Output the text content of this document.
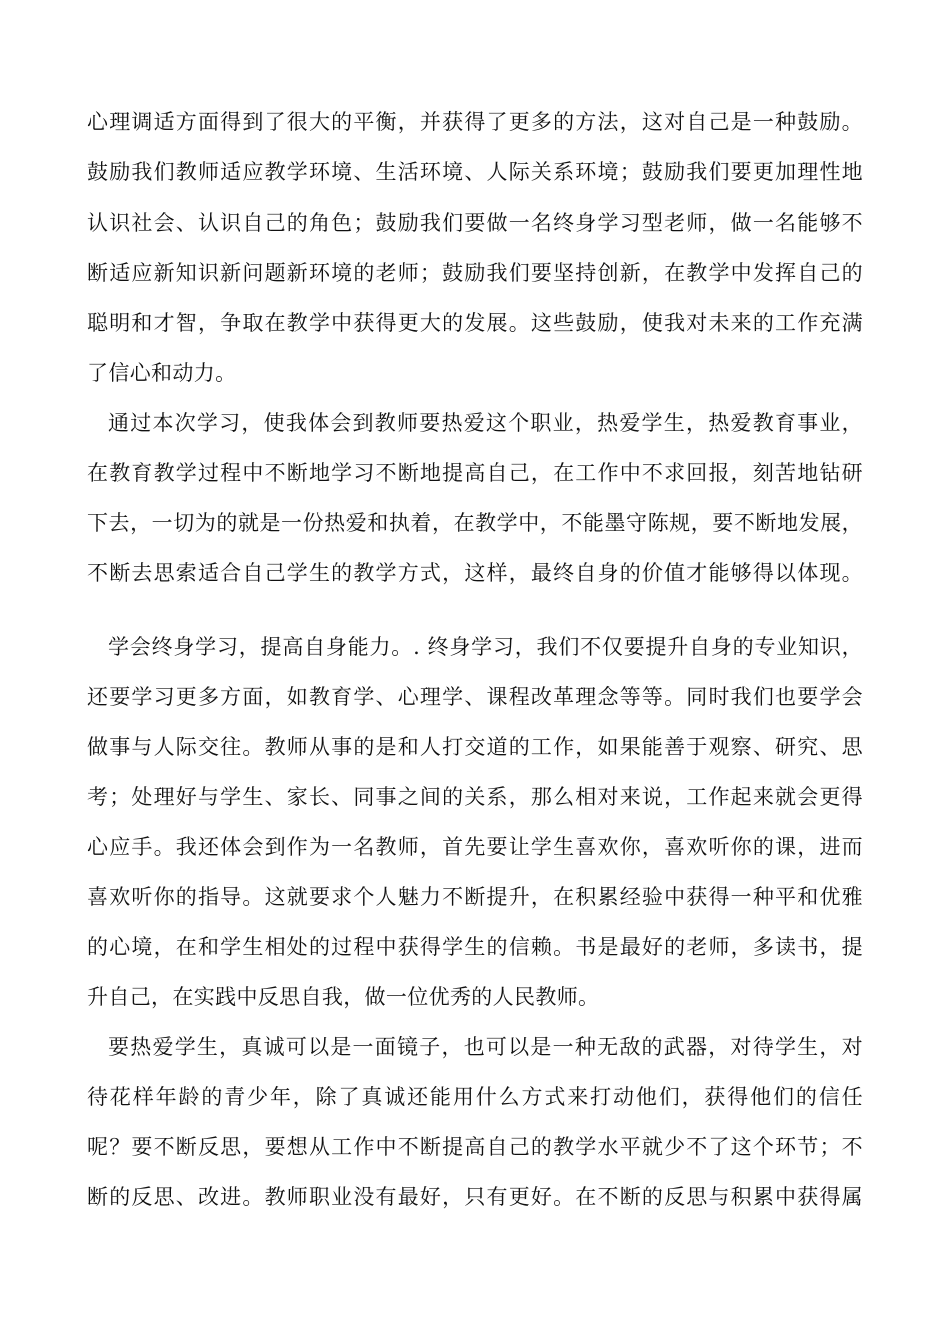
心理调适方面得到了很大的平衡，并获得了更多的方法，这对自己是一种鼓励。
鼓励我们教师适应教学环境、生活环境、人际关系环境；鼓励我们要更加理性地
认识社会、认识自己的角色；鼓励我们要做一名终身学习型老师，做一名能够不
断适应新知识新问题新环境的老师；鼓励我们要坚持创新，在教学中发挥自己的
聪明和才智，争取在教学中获得更大的发展。这些鼓励，使我对未来的工作充满
了信心和动力。
通过本次学习，使我体会到教师要热爱这个职业，热爱学生，热爱教育事业，
在教育教学过程中不断地学习不断地提高自己，在工作中不求回报，刻苦地钻研
下去，一切为的就是一份热爱和执着，在教学中，不能墨守陈规，要不断地发展，
不断去思索适合自己学生的教学方式，这样，最终自身的价值才能够得以体现。
学会终身学习，提高自身能力。. 终身学习，我们不仅要提升自身的专业知识，
还要学习更多方面，如教育学、心理学、课程改革理念等等。同时我们也要学会
做事与人际交往。教师从事的是和人打交道的工作，如果能善于观察、研究、思
考；处理好与学生、家长、同事之间的关系，那么相对来说，工作起来就会更得
心应手。我还体会到作为一名教师，首先要让学生喜欢你，喜欢听你的课，进而
喜欢听你的指导。这就要求个人魅力不断提升，在积累经验中获得一种平和优雅
的心境，在和学生相处的过程中获得学生的信赖。书是最好的老师，多读书，提
升自己，在实践中反思自我，做一位优秀的人民教师。
要热爱学生，真诚可以是一面镜子，也可以是一种无敌的武器，对待学生，对
待花样年龄的青少年，除了真诚还能用什么方式来打动他们，获得他们的信任
呢？要不断反思，要想从工作中不断提高自己的教学水平就少不了这个环节；不
断的反思、改进。教师职业没有最好，只有更好。在不断的反思与积累中获得属
